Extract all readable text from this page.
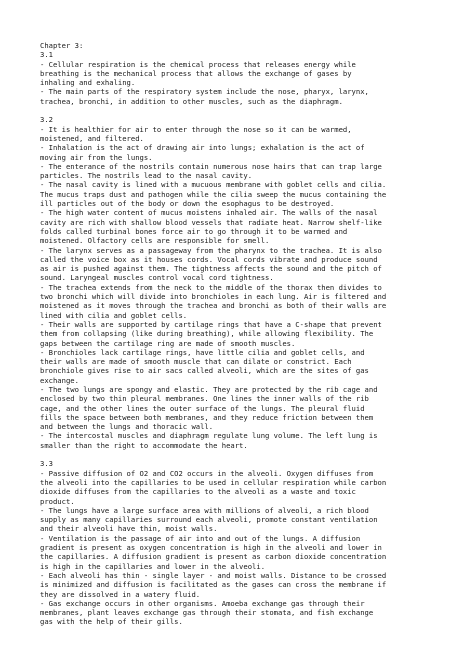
Chapter 3:
3.1
- Cellular respiration is the chemical process that releases energy while
breathing is the mechanical process that allows the exchange of gases by
inhaling and exhaling.
- The main parts of the respiratory system include the nose, pharyx, larynx,
trachea, bronchi, in addition to other muscles, such as the diaphragm.
3.2
- It is healthier for air to enter through the nose so it can be warmed,
moistened, and filtered.
- Inhalation is the act of drawing air into lungs; exhalation is the act of
moving air from the lungs.
- The enterance of the nostrils contain numerous nose hairs that can trap large
particles. The nostrils lead to the nasal cavity.
- The nasal cavity is lined with a mucuous membrane with goblet cells and cilia.
The mucus traps dust and pathogen while the cilia sweep the mucus containing the
ill particles out of the body or down the esophagus to be destroyed.
- The high water content of mucus moistens inhaled air. The walls of the nasal
cavity are rich with shallow blood vessels that radiate heat. Narrow shelf-like
folds called turbinal bones force air to go through it to be warmed and
moistened. Olfactory cells are responsible for smell.
- The larynx serves as a passageway from the pharynx to the trachea. It is also
called the voice box as it houses cords. Vocal cords vibrate and produce sound
as air is pushed against them. The tightness affects the sound and the pitch of
sound. Laryngeal muscles control vocal cord tightness.
- The trachea extends from the neck to the middle of the thorax then divides to
two bronchi which will divide into bronchioles in each lung. Air is filtered and
moistened as it moves through the trachea and bronchi as both of their walls are
lined with cilia and goblet cells.
- Their walls are supported by cartilage rings that have a C-shape that prevent
them from collapsing (like during breathing), while allowing flexibility. The
gaps between the cartilage ring are made of smooth muscles.
- Bronchioles lack cartilage rings, have little cilia and goblet cells, and
their walls are made of smooth muscle that can dilate or constrict. Each
bronchiole gives rise to air sacs called alveoli, which are the sites of gas
exchange.
- The two lungs are spongy and elastic. They are protected by the rib cage and
enclosed by two thin pleural membranes. One lines the inner walls of the rib
cage, and the other lines the outer surface of the lungs. The pleural fluid
fills the space between both membranes, and they reduce friction between them
and between the lungs and thoracic wall.
- The intercostal muscles and diaphragm regulate lung volume. The left lung is
smaller than the right to accommodate the heart.
3.3
- Passive diffusion of O2 and CO2 occurs in the alveoli. Oxygen diffuses from
the alveoli into the capillaries to be used in cellular respiration while carbon
dioxide diffuses from the capillaries to the alveoli as a waste and toxic
product.
- The lungs have a large surface area with millions of alveoli, a rich blood
supply as many capillaries surround each alveoli, promote constant ventilation
and their alveoli have thin, moist walls.
- Ventilation is the passage of air into and out of the lungs. A diffusion
gradient is present as oxygen concentration is high in the alveoli and lower in
the capillaries. A diffusion gradient is present as carbon dioxide concentration
is high in the capillaries and lower in the alveoli.
- Each alveoli has thin - single layer - and moist walls. Distance to be crossed
is minimized and diffusion is facilitated as the gases can cross the membrane if
they are dissolved in a watery fluid.
- Gas exchange occurs in other organisms. Amoeba exchange gas through their
membranes, plant leaves exchange gas through their stomata, and fish exchange
gas with the help of their gills.
